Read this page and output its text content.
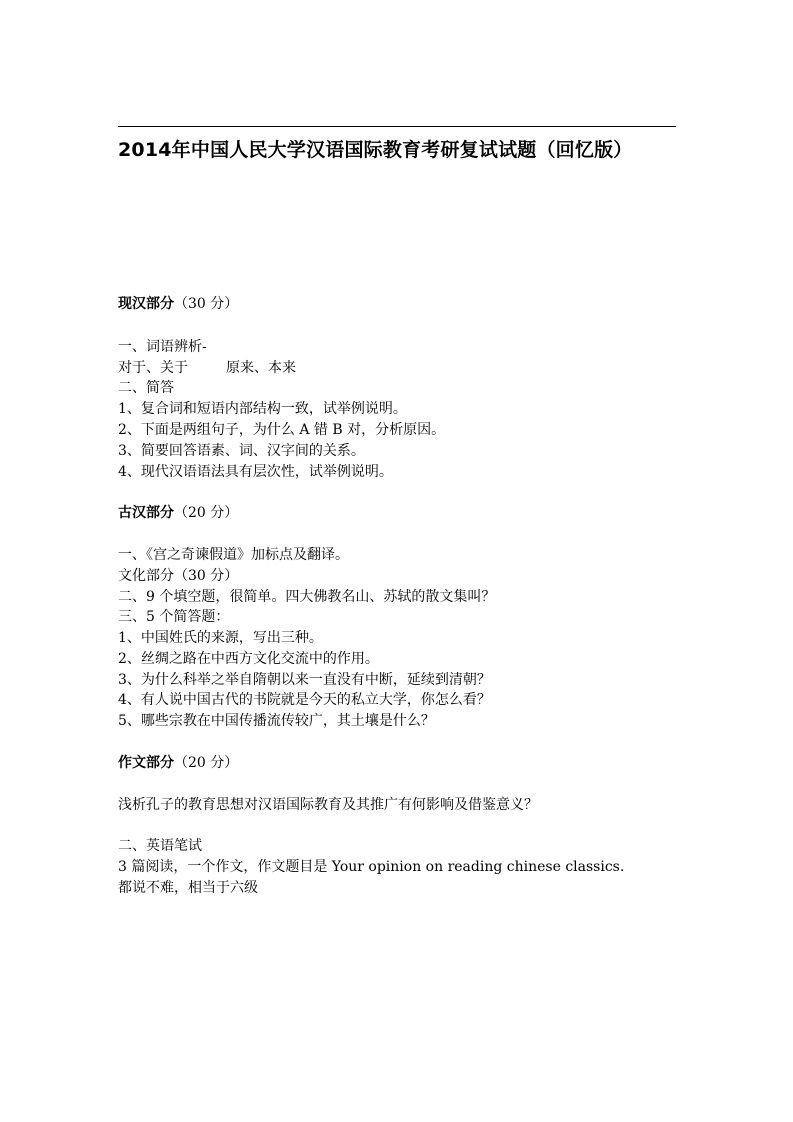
2014年中国人民大学汉语国际教育考研复试试题（回忆版）
现汉部分（30 分）
一、词语辨析-
对于、关于	原来、本来
二、简答
1、复合词和短语内部结构一致，试举例说明。
2、下面是两组句子，为什么 A 错 B 对，分析原因。
3、简要回答语素、词、汉字间的关系。
4、现代汉语语法具有层次性，试举例说明。
古汉部分（20 分）
一、《宫之奇谏假道》加标点及翻译。
文化部分（30 分）
二、9 个填空题，很简单。四大佛教名山、苏轼的散文集叫？
三、5 个简答题：
1、中国姓氏的来源，写出三种。
2、丝绸之路在中西方文化交流中的作用。
3、为什么科举之举自隋朝以来一直没有中断，延续到清朝？
4、有人说中国古代的书院就是今天的私立大学，你怎么看？
5、哪些宗教在中国传播流传较广，其土壤是什么？
作文部分（20 分）
浅析孔子的教育思想对汉语国际教育及其推广有何影响及借鉴意义？
二、英语笔试
3 篇阅读，一个作文，作文题目是 Your opinion on reading chinese classics.
都说不难，相当于六级
